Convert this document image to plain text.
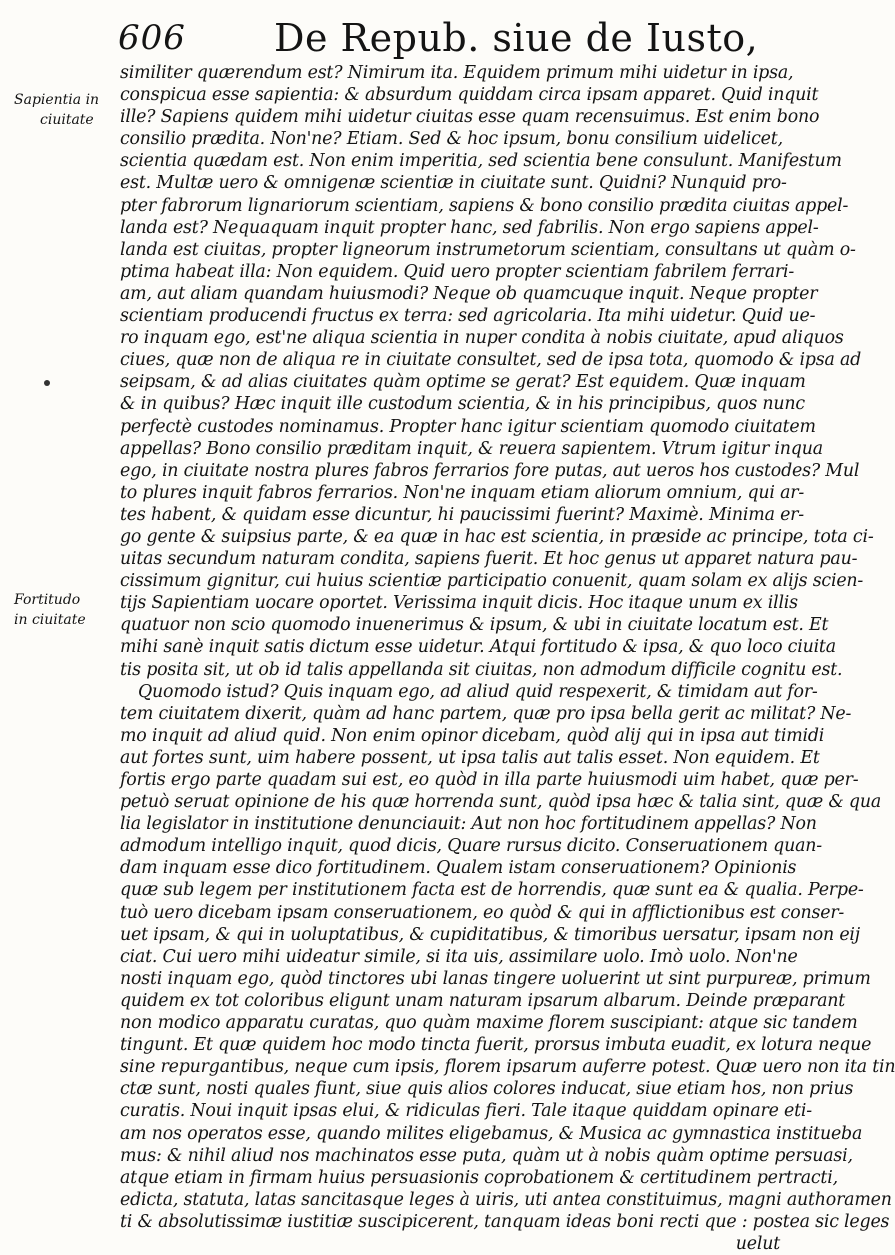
606 De Repub. siue de Iusto,
Sapientia in
ciuitate
Fortitudo
in ciuitate
similiter quærendum est? Nimirum ita. Equidem primum mihi uidetur in ipsa,
conspicua esse sapientia: & absurdum quiddam circa ipsam apparet. Quid inquit
ille? Sapiens quidem mihi uidetur ciuitas esse quam recensuimus. Est enim bono
consilio prædita. Non'ne? Etiam. Sed & hoc ipsum, bonu consilium uidelicet,
scientia quædam est. Non enim imperitia, sed scientia bene consulunt. Manifestum
est. Multæ uero & omnigenæ scientiæ in ciuitate sunt. Quidni? Nunquid pro-
pter fabrorum lignariorum scientiam, sapiens & bono consilio prædita ciuitas appel-
landa est? Nequaquam inquit propter hanc, sed fabrilis. Non ergo sapiens appel-
landa est ciuitas, propter ligneorum instrumetorum scientiam, consultans ut quàm o-
ptima habeat illa: Non equidem. Quid uero propter scientiam fabrilem ferrari-
am, aut aliam quandam huiusmodi? Neque ob quamcuque inquit. Neque propter
scientiam producendi fructus ex terra: sed agricolaria. Ita mihi uidetur. Quid ue-
ro inquam ego, est'ne aliqua scientia in nuper condita à nobis ciuitate, apud aliquos
ciues, quæ non de aliqua re in ciuitate consultet, sed de ipsa tota, quomodo & ipsa ad
seipsam, & ad alias ciuitates quàm optime se gerat? Est equidem. Quæ inquam
& in quibus? Hæc inquit ille custodum scientia, & in his principibus, quos nunc
perfectè custodes nominamus. Propter hanc igitur scientiam quomodo ciuitatem
appellas? Bono consilio præditam inquit, & reuera sapientem. Vtrum igitur inqua
ego, in ciuitate nostra plures fabros ferrarios fore putas, aut ueros hos custodes? Mul
to plures inquit fabros ferrarios. Non'ne inquam etiam aliorum omnium, qui ar-
tes habent, & quidam esse dicuntur, hi paucissimi fuerint? Maximè. Minima er-
go gente & suipsius parte, & ea quæ in hac est scientia, in præside ac principe, tota ci-
uitas secundum naturam condita, sapiens fuerit. Et hoc genus ut apparet natura pau-
cissimum gignitur, cui huius scientiæ participatio conuenit, quam solam ex alijs scien-
tijs Sapientiam uocare oportet. Verissima inquit dicis. Hoc itaque unum ex illis
quatuor non scio quomodo inuenerimus & ipsum, & ubi in ciuitate locatum est. Et
mihi sanè inquit satis dictum esse uidetur. Atqui fortitudo & ipsa, & quo loco ciuita
tis posita sit, ut ob id talis appellanda sit ciuitas, non admodum difficile cognitu est.
Quomodo istud? Quis inquam ego, ad aliud quid respexerit, & timidam aut for-
tem ciuitatem dixerit, quàm ad hanc partem, quæ pro ipsa bella gerit ac militat? Ne-
mo inquit ad aliud quid. Non enim opinor dicebam, quòd alij qui in ipsa aut timidi
aut fortes sunt, uim habere possent, ut ipsa talis aut talis esset. Non equidem. Et
fortis ergo parte quadam sui est, eo quòd in illa parte huiusmodi uim habet, quæ per-
petuò seruat opinione de his quæ horrenda sunt, quòd ipsa hæc & talia sint, quæ & qua
lia legislator in institutione denunciauit: Aut non hoc fortitudinem appellas? Non
admodum intelligo inquit, quod dicis, Quare rursus dicito. Conseruationem quan-
dam inquam esse dico fortitudinem. Qualem istam conseruationem? Opinionis
quæ sub legem per institutionem facta est de horrendis, quæ sunt ea & qualia. Perpe-
tuò uero dicebam ipsam conseruationem, eo quòd & qui in afflictionibus est conser-
uet ipsam, & qui in uoluptatibus, & cupiditatibus, & timoribus uersatur, ipsam non eij
ciat. Cui uero mihi uideatur simile, si ita uis, assimilare uolo. Imò uolo. Non'ne
nosti inquam ego, quòd tinctores ubi lanas tingere uoluerint ut sint purpureæ, primum
quidem ex tot coloribus eligunt unam naturam ipsarum albarum. Deinde præparant
non modico apparatu curatas, quo quàm maxime florem suscipiant: atque sic tandem
tingunt. Et quæ quidem hoc modo tincta fuerit, prorsus imbuta euadit, ex lotura neque
sine repurgantibus, neque cum ipsis, florem ipsarum auferre potest. Quæ uero non ita tin
ctæ sunt, nosti quales fiunt, siue quis alios colores inducat, siue etiam hos, non prius
curatis. Noui inquit ipsas elui, & ridiculas fieri. Tale itaque quiddam opinare eti-
am nos operatos esse, quando milites eligebamus, & Musica ac gymnastica instituebа
mus: & nihil aliud nos machinatos esse puta, quàm ut à nobis quàm optime persuasi,
atque etiam in firmam huius persuasionis coprobationem & certitudinem pertracti,
edicta, statuta, latas sancitasque leges à uiris, uti antea constituimus, magni authoramen
ti & absolutissimæ iustitiæ suscipicerent, tanquam ideas boni recti que : postea sic leges
uelut
